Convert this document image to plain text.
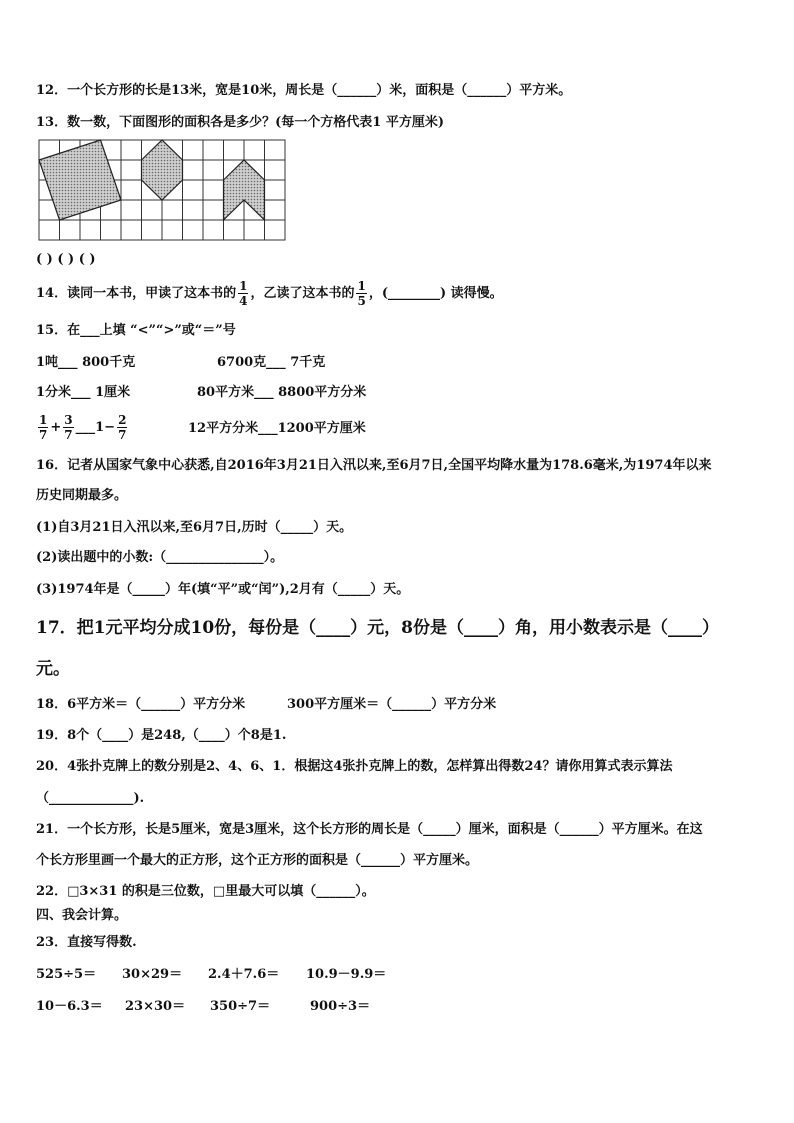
12．一个长方形的长是13米，宽是10米，周长是（______）米，面积是（______）平方米。
13．数一数，下面图形的面积各是多少？(每一个方格代表1 平方厘米)
( ) ( ) ( )
14．读同一本书，甲读了这本书的 $\frac{1}{4}$ ，乙读了这本书的 $\frac{1}{5}$ ，(________) 读得慢。
15．在___上填 “<”“>”或“＝”号
1吨___ 800千克	6700克___ 7千克
1分米___ 1厘米	80平方米___ 8800平方分米
$\frac{1}{7} + \frac{3}{7}$ ___1− $\frac{2}{7}$	12平方分米___1200平方厘米
16．记者从国家气象中心获悉,自2016年3月21日入汛以来,至6月7日,全国平均降水量为178.6毫米,为1974年以来
历史同期最多。
(1)自3月21日入汛以来,至6月7日,历时（_____）天。
(2)读出题中的小数:（_______________）。
(3)1974年是（_____）年(填“平”或“闰”),2月有（_____）天。
17．把1元平均分成10份，每份是（____）元，8份是（____）角，用小数表示是（____）
元。
18．6平方米＝（______）平方分米	300平方厘米＝（______）平方分米
19．8个（____）是248,（____）个8是1.
20．4张扑克牌上的数分别是2、4、6、1．根据这4张扑克牌上的数，怎样算出得数24？请你用算式表示算法
（_____________).
21．一个长方形，长是5厘米，宽是3厘米，这个长方形的周长是（_____）厘米，面积是（______）平方厘米。在这
个长方形里画一个最大的正方形，这个正方形的面积是（______）平方厘米。
22．□3×31 的积是三位数，□里最大可以填（______）。
四、我会计算。
23．直接写得数.
525÷5＝ 30×29＝ 2.4＋7.6＝ 10.9－9.9＝
10－6.3＝ 23×30＝ 350÷7＝	900÷3＝
